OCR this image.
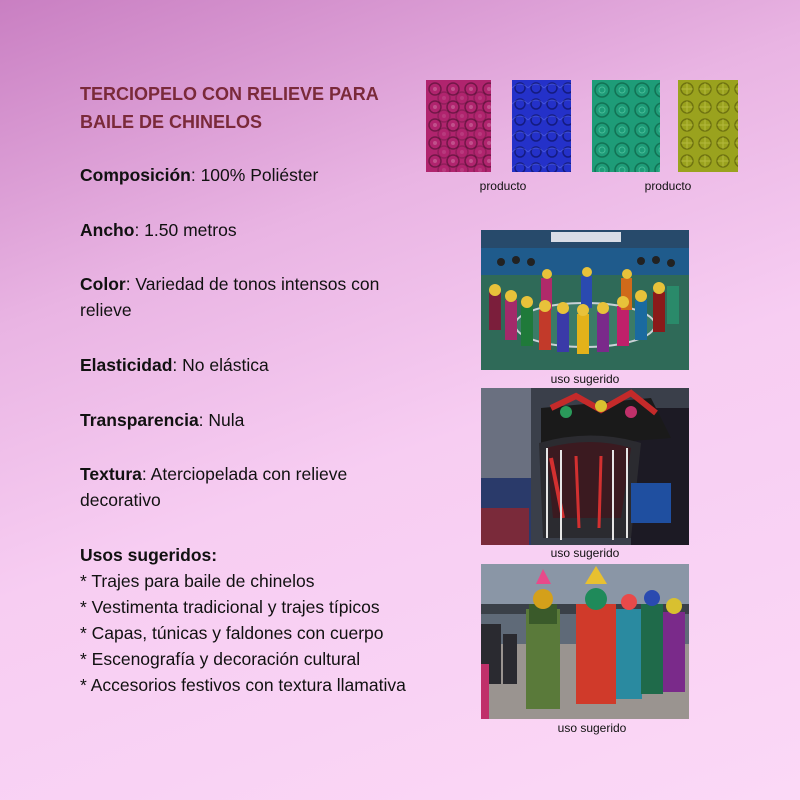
TERCIOPELO CON RELIEVE PARA BAILE DE CHINELOS
Composición: 100% Poliéster
Ancho: 1.50 metros
Color: Variedad de tonos intensos con relieve
Elasticidad: No elástica
Transparencia: Nula
Textura: Aterciopelada con relieve decorativo
Usos sugeridos:
* Trajes para baile de chinelos
* Vestimenta tradicional y trajes típicos
* Capas, túnicas y faldones con cuerpo
* Escenografía y decoración cultural
* Accesorios festivos con textura llamativa
producto	producto
uso sugerido
uso sugerido
uso sugerido
